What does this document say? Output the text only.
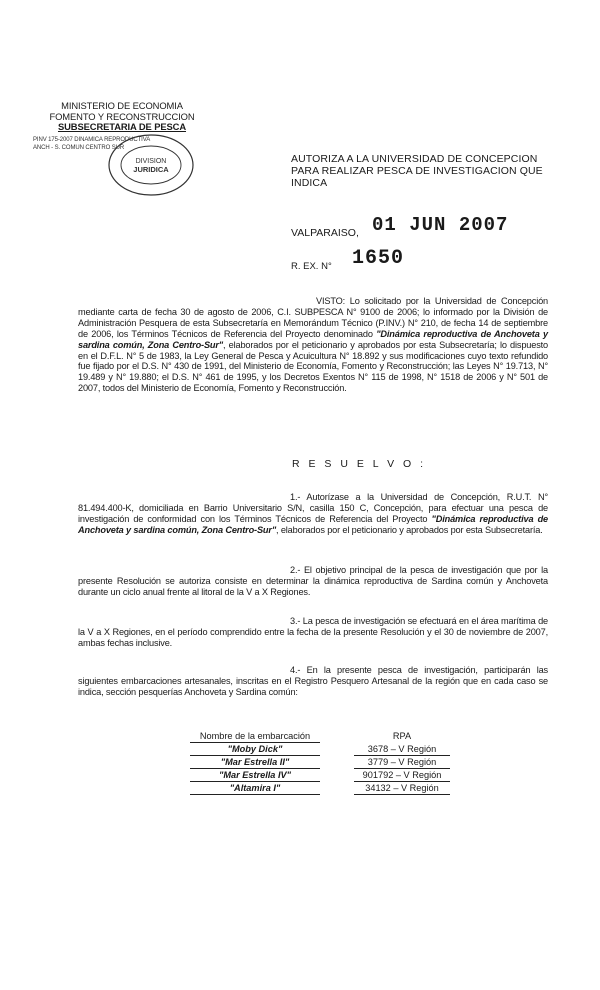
MINISTERIO DE ECONOMIA
FOMENTO Y RECONSTRUCCION
SUBSECRETARIA DE PESCA
PINV 175-2007 DINAMICA REPRODUCTIVA
ANCH - S. COMUN CENTRO SUR
DIVISION
JURIDICA
AUTORIZA A LA UNIVERSIDAD DE CONCEPCION PARA REALIZAR PESCA DE INVESTIGACION QUE INDICA
VALPARAISO, 01 JUN 2007
R. EX. N° 1650
VISTO: Lo solicitado por la Universidad de Concepción mediante carta de fecha 30 de agosto de 2006, C.I. SUBPESCA N° 9100 de 2006; lo informado por la División de Administración Pesquera de esta Subsecretaría en Memorándum Técnico (P.INV.) N° 210, de fecha 14 de septiembre de 2006, los Términos Técnicos de Referencia del Proyecto denominado "Dinámica reproductiva de Anchoveta y sardina común, Zona Centro-Sur", elaborados por el peticionario y aprobados por esta Subsecretaría; lo dispuesto en el D.F.L. N° 5 de 1983, la Ley General de Pesca y Acuicultura N° 18.892 y sus modificaciones cuyo texto refundido fue fijado por el D.S. N° 430 de 1991, del Ministerio de Economía, Fomento y Reconstrucción; las Leyes N° 19.713, N° 19.489 y N° 19.880; el D.S. N° 461 de 1995, y los Decretos Exentos N° 115 de 1998, N° 1518 de 2006 y N° 501 de 2007, todos del Ministerio de Economía, Fomento y Reconstrucción.
R E S U E L V O :
1.- Autorízase a la Universidad de Concepción, R.U.T. N° 81.494.400-K, domiciliada en Barrio Universitario S/N, casilla 150 C, Concepción, para efectuar una pesca de investigación de conformidad con los Términos Técnicos de Referencia del Proyecto "Dinámica reproductiva de Anchoveta y sardina común, Zona Centro-Sur", elaborados por el peticionario y aprobados por esta Subsecretaría.
2.- El objetivo principal de la pesca de investigación que por la presente Resolución se autoriza consiste en determinar la dinámica reproductiva de Sardina común y Anchoveta durante un ciclo anual frente al litoral de la V a X Regiones.
3.- La pesca de investigación se efectuará en el área marítima de la V a X Regiones, en el período comprendido entre la fecha de la presente Resolución y el 30 de noviembre de 2007, ambas fechas inclusive.
4.- En la presente pesca de investigación, participarán las siguientes embarcaciones artesanales, inscritas en el Registro Pesquero Artesanal de la región que en cada caso se indica, sección pesquerías Anchoveta y Sardina común:
Nombre de la embarcación		RPA
"Moby Dick"		3678 – V Región
"Mar Estrella II"		3779 – V Región
"Mar Estrella IV"		901792 – V Región
"Altamira I"		34132 – V Región
